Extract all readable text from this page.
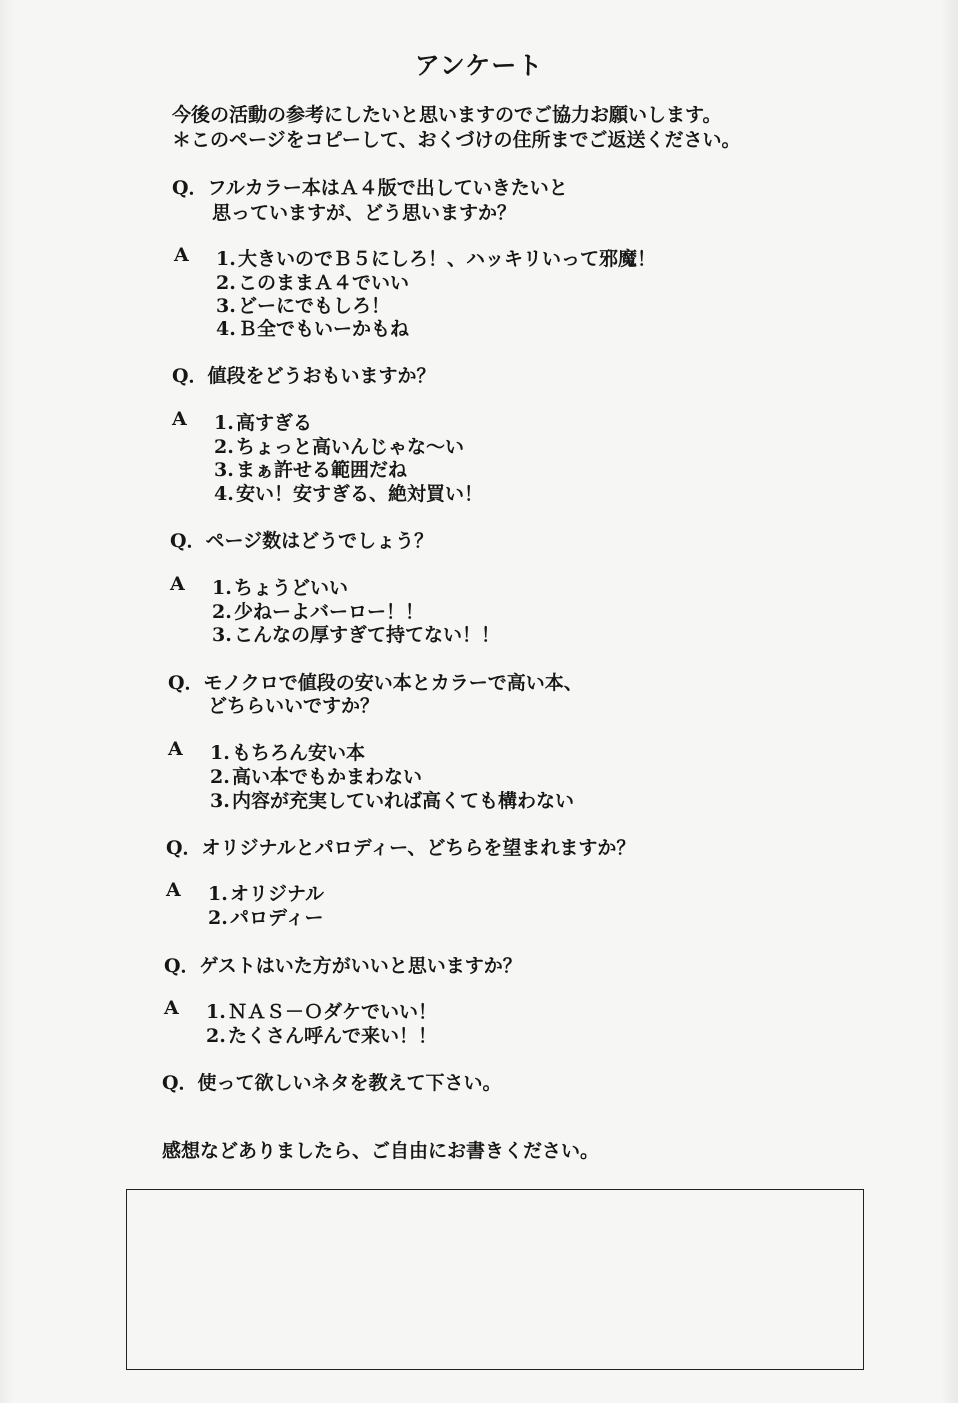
アンケート
今後の活動の参考にしたいと思いますのでご協力お願いします。
＊このページをコピーして、おくづけの住所までご返送ください。
Q．フルカラー本はＡ４版で出していきたいと
思っていますが、どう思いますか？
A 1. 大きいのでＢ５にしろ！、ハッキリいって邪魔！
2. このままＡ４でいい
3. どーにでもしろ！
4. Ｂ全でもいーかもね
Q．値段をどうおもいますか？
A 1. 高すぎる
2. ちょっと高いんじゃな～い
3. まぁ許せる範囲だね
4. 安い！安すぎる、絶対買い！
Q．ページ数はどうでしょう？
A 1. ちょうどいい
2. 少ねーよバーロー！！
3. こんなの厚すぎて持てない！！
Q．モノクロで値段の安い本とカラーで高い本、
どちらいいですか？
A 1. もちろん安い本
2. 高い本でもかまわない
3. 内容が充実していれば高くても構わない
Q．オリジナルとパロディー、どちらを望まれますか？
A 1. オリジナル
2. パロディー
Q．ゲストはいた方がいいと思いますか？
A 1. ＮＡＳ－Ｏダケでいい！
2. たくさん呼んで来い！！
Q．使って欲しいネタを教えて下さい。
感想などありましたら、ご自由にお書きください。
